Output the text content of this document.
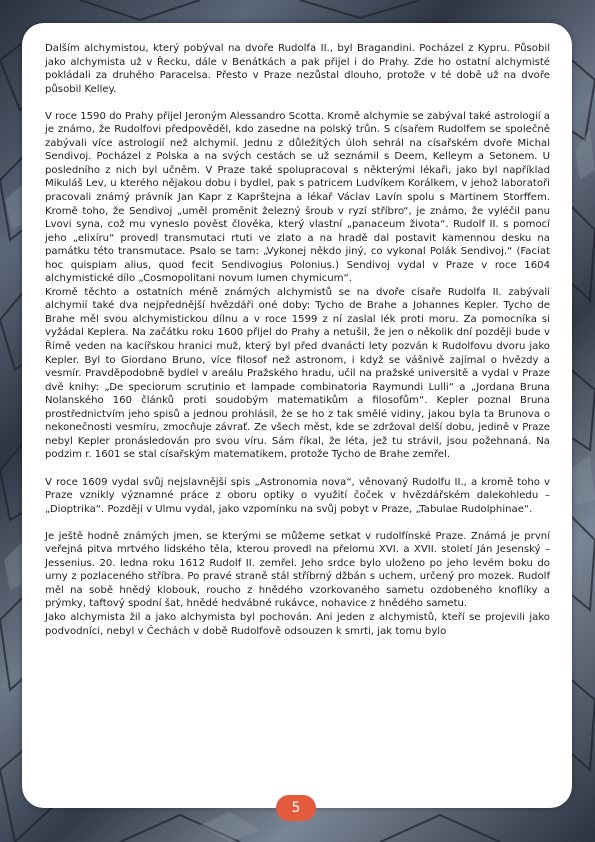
Dalším alchymistou, který pobýval na dvoře Rudolfa II., byl Bragandini. Pocházel z Kypru. Působil jako alchymista už v Řecku, dále v Benátkách a pak přijel i do Prahy. Zde ho ostatní alchymisté pokládali za druhého Paracelsa. Přesto v Praze nezůstal dlouho, protože v té době už na dvoře působil Kelley.

V roce 1590 do Prahy přijel Jeroným Alessandro Scotta. Kromě alchymie se zabýval také astrologií a je známo, že Rudolfovi předpověděl, kdo zasedne na polský trůn. S císařem Rudolfem se společně zabývali více astrologií než alchymií. Jednu z důležitých úloh sehrál na císařském dvoře Michal Sendivoj. Pocházel z Polska a na svých cestách se už seznámil s Deem, Kelleym a Setonem. U posledního z nich byl učněm. V Praze také spolupracoval s některými lékaři, jako byl například Mikuláš Lev, u kterého nějakou dobu i bydlel, pak s patricem Ludvíkem Korálkem, v jehož laboratoři pracovali známý právník Jan Kapr z Kaprštejna a lékař Václav Lavín spolu s Martinem Storffem. Kromě toho, že Sendivoj „uměl proměnit železný šroub v ryzí stříbro“, je známo, že vyléčil panu Lvovi syna, což mu vyneslo pověst člověka, který vlastní „panaceum života“. Rudolf II. s pomocí jeho „elixíru“ provedl transmutaci rtuti ve zlato a na hradě dal postavit kamennou desku na památku této transmutace. Psalo se tam: „Vykonej někdo jiný, co vykonal Polák Sendivoj.“ (Faciat hoc quispiam alius, quod fecit Sendivogius Polonius.) Sendivoj vydal v Praze v roce 1604 alchymistické dílo „Cosmopolitani novum lumen chymicum“.

Kromě těchto a ostatních méně známých alchymistů se na dvoře císaře Rudolfa II. zabývali alchymií také dva nejpřednější hvězdáři oné doby: Tycho de Brahe a Johannes Kepler. Tycho de Brahe měl svou alchymistickou dílnu a v roce 1599 z ní zaslal lék proti moru. Za pomocníka si vyžádal Keplera. Na začátku roku 1600 přijel do Prahy a netušil, že jen o několik dní později bude v Římě veden na kacířskou hranici muž, který byl před dvanácti lety pozván k Rudolfovu dvoru jako Kepler. Byl to Giordano Bruno, více filosof než astronom, i když se vášnivě zajímal o hvězdy a vesmír. Pravděpodobně bydlel v areálu Pražského hradu, učil na pražské universitě a vydal v Praze dvě knihy: „De speciorum scrutinio et lampade combinatoria Raymundi Lulli“ a „Jordana Bruna Nolanského 160 článků proti soudobým matematikům a filosofům“. Kepler poznal Bruna prostřednictvím jeho spisů a jednou prohlásil, že se ho z tak smělé vidiny, jakou byla ta Brunova o nekonečnosti vesmíru, zmocňuje závrať. Ze všech měst, kde se zdržoval delší dobu, jedině v Praze nebyl Kepler pronásledován pro svou víru. Sám říkal, že léta, jež tu strávil, jsou požehnaná. Na podzim r. 1601 se stal císařským matematikem, protože Tycho de Brahe zemřel.

V roce 1609 vydal svůj nejslavnější spis „Astronomia nova“, věnovaný Rudolfu II., a kromě toho v Praze vznikly významné práce z oboru optiky o využití čoček v hvězdářském dalekohledu – „Dioptrika“. Později v Ulmu vydal, jako vzpomínku na svůj pobyt v Praze, „Tabulae Rudolphinae“.

Je ještě hodně známých jmen, se kterými se můžeme setkat v rudolfínské Praze. Známá je první veřejná pitva mrtvého lidského těla, kterou provedl na přelomu XVI. a XVII. století Ján Jesenský – Jessenius. 20. ledna roku 1612 Rudolf II. zemřel. Jeho srdce bylo uloženo po jeho levém boku do urny z pozlaceného stříbra. Po pravé straně stál stříbrný džbán s uchem, určený pro mozek. Rudolf měl na sobě hnědý klobouk, roucho z hnědého vzorkovaného sametu ozdobeného knoflíky a prýmky, taftový spodní šat, hnědé hedvábné rukávce, nohavice z hnědého sametu.

Jako alchymista žil a jako alchymista byl pochován. Ani jeden z alchymistů, kteří se projevili jako podvodníci, nebyl v Čechách v době Rudolfově odsouzen k smrti, jak tomu bylo

5
